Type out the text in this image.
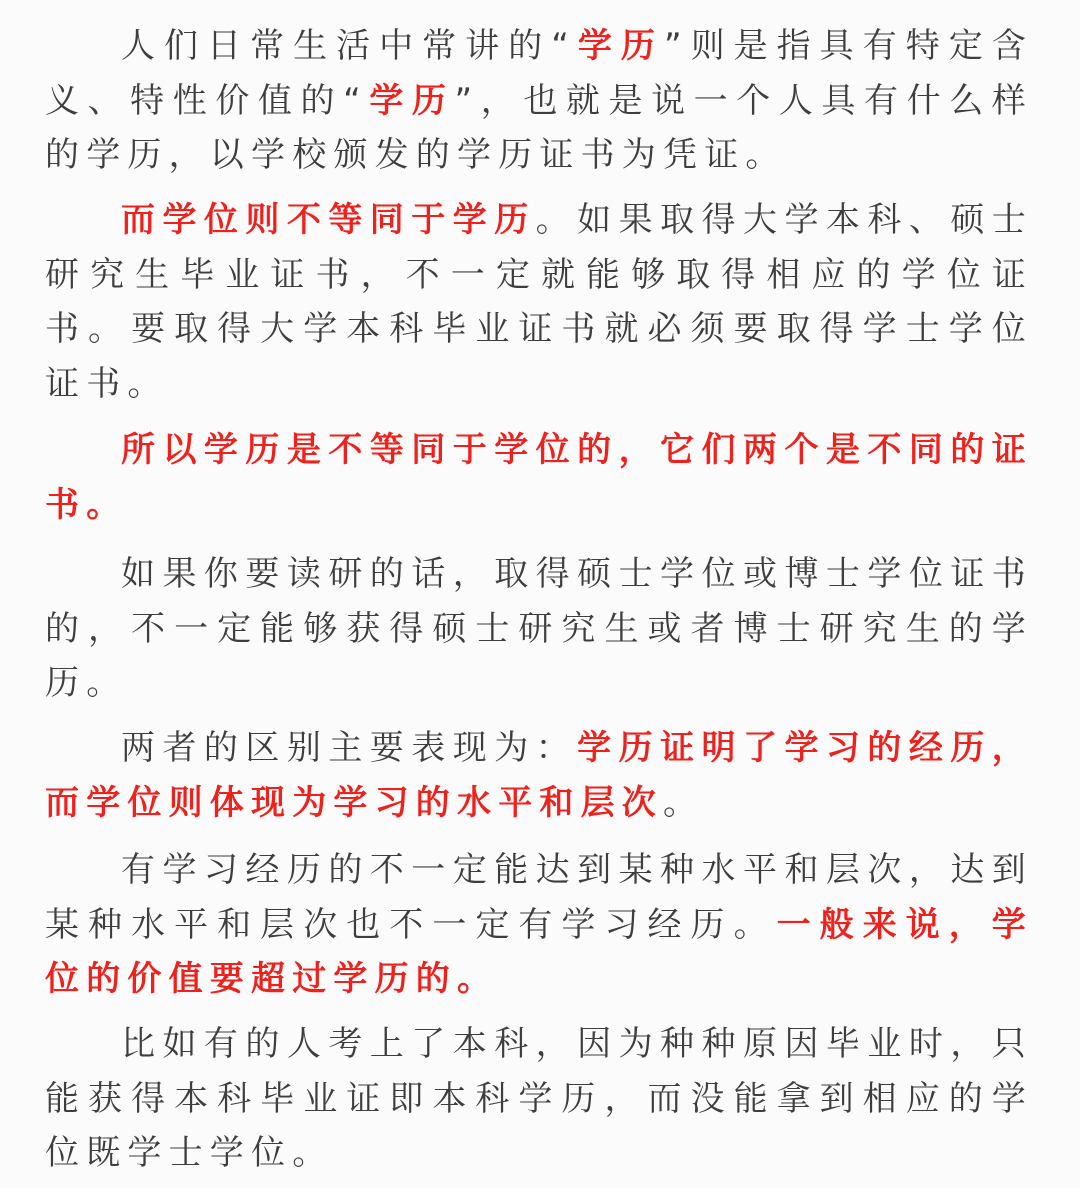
人们日常生活中常讲的“学历”则是指具有特定含义、特性价值的“学历”，也就是说一个人具有什么样的学历，以学校颁发的学历证书为凭证。

而学位则不等同于学历。如果取得大学本科、硕士研究生毕业证书，不一定就能够取得相应的学位证书。要取得大学本科毕业证书就必须要取得学士学位证书。

所以学历是不等同于学位的，它们两个是不同的证书。

如果你要读研的话，取得硕士学位或博士学位证书的，不一定能够获得硕士研究生或者博士研究生的学历。

两者的区别主要表现为：学历证明了学习的经历，而学位则体现为学习的水平和层次。

有学习经历的不一定能达到某种水平和层次，达到某种水平和层次也不一定有学习经历。一般来说，学位的价值要超过学历的。

比如有的人考上了本科，因为种种原因毕业时，只能获得本科毕业证即本科学历，而没能拿到相应的学位既学士学位。
